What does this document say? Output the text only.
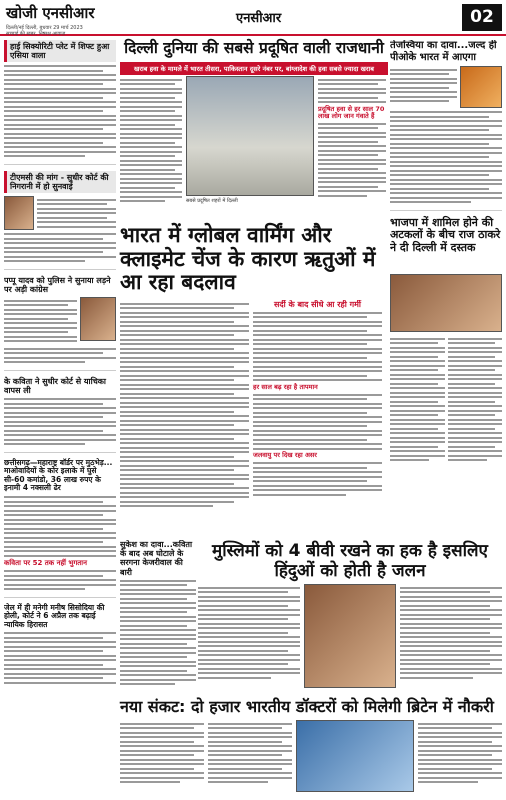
खोजी एनसीआर
दिल्ली/नई दिल्ली, बुधवार 29 मार्च 2023
सच्चाई की ख़बर, निष्पक्ष आवाज़
एनसीआर	02
हाई सिक्योरिटी प्लेट में शिफ्ट हुआ एसिया वाला
टीएमसी की मांग - सुधीर कोर्ट की निगरानी में हो सुनवाई
पप्पू यादव को पुलिस ने सुनाया लड़ने पर अड़ी कांग्रेस
के कविता ने सुधीर कोर्ट से याचिका वापस ली
छत्तीसगढ़—महाराष्ट्र बॉर्डर पर मुठभेड़... माओवादियों के कोर इलाके में घुसे सी-60 कमांडो, 36 लाख रुपए के इनामी 4 नक्सली ढेर
कविता पर 52 तक नहीं भुगतान
जेल में ही मनेगी मनीष सिसोदिया की होली, कोर्ट ने 6 अप्रैल तक बढ़ाई न्यायिक हिरासत
दिल्ली दुनिया की सबसे प्रदूषित वाली राजधानी
खराब हवा के मामले में भारत तीसरा, पाकिस्तान दूसरे नंबर पर, बांग्लादेश की हवा सबसे ज्यादा खराब
सबसे प्रदूषित शहरों में दिल्ली
प्रदूषित हवा से हर साल 70 लाख लोग जान गंवाते हैं
भारत में ग्लोबल वार्मिंग और क्लाइमेट चेंज के कारण ऋतुओं में आ रहा बदलाव
सर्दी के बाद सीधे आ रही गर्मी
हर साल बढ़ रहा है तापमान
जलवायु पर दिख रहा असर
तेजस्विया का दावा...जल्द ही पीओके भारत में आएगा
भाजपा में शामिल होने की अटकलों के बीच राज ठाकरे ने दी दिल्ली में दस्तक
सुकेश का दावा...कविता के बाद अब घोटाले के सरगना केजरीवाल की बारी
मुस्लिमों को 4 बीवी रखने का हक है इसलिए हिंदुओं को होती है जलन
नया संकट: दो हजार भारतीय डॉक्टरों को मिलेगी ब्रिटेन में नौकरी
